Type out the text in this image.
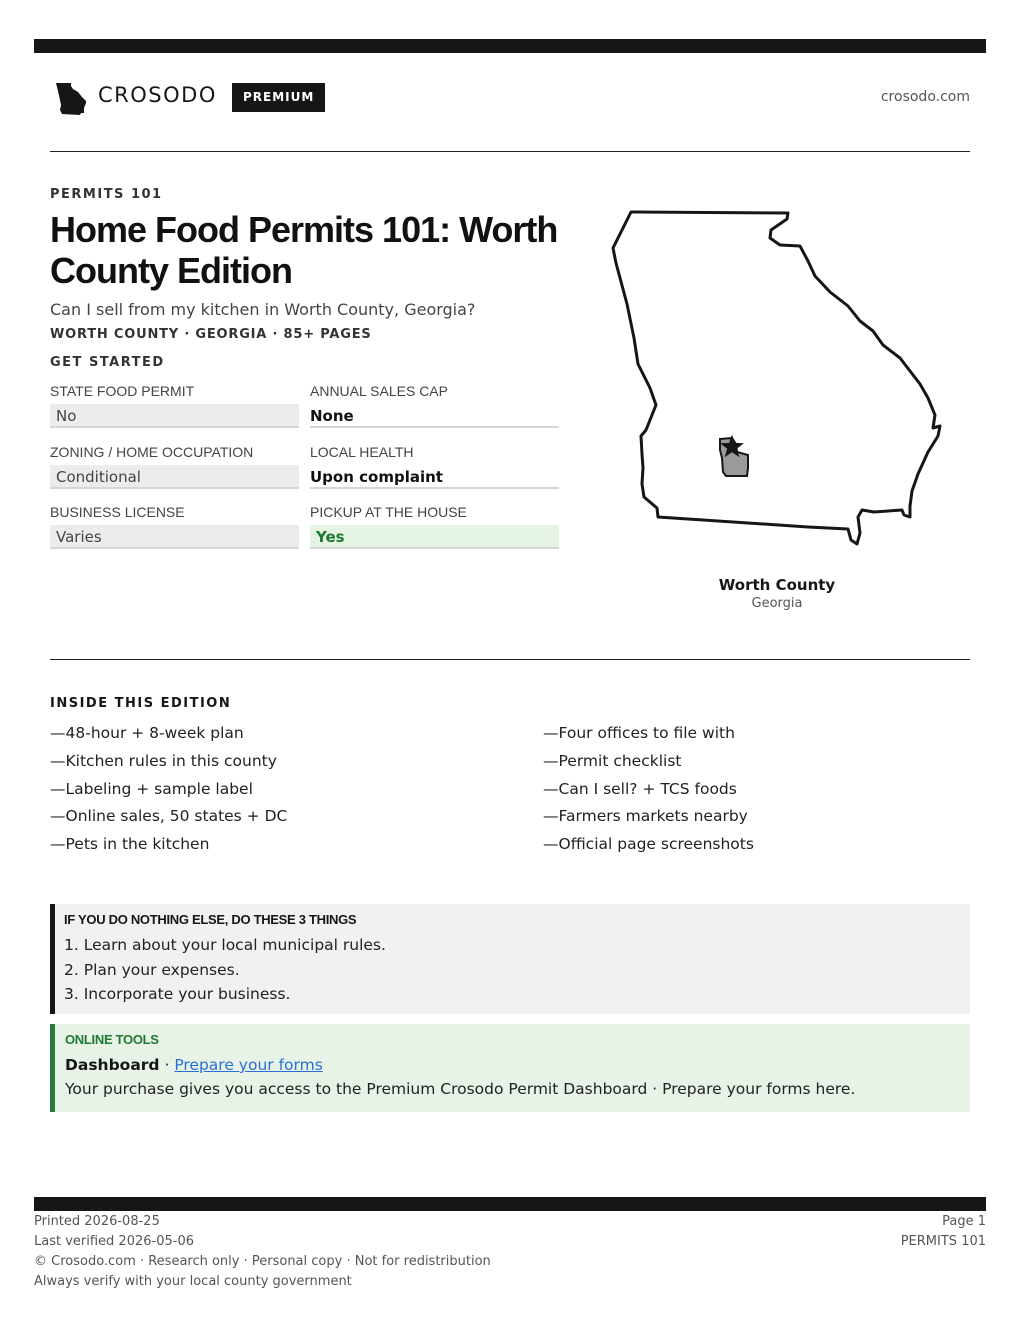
CROSODO	PREMIUM	crosodo.com
PERMITS 101
Home Food Permits 101: Worth County Edition
Can I sell from my kitchen in Worth County, Georgia?
WORTH COUNTY · GEORGIA · 85+ PAGES
GET STARTED
STATE FOOD PERMIT
No
ANNUAL SALES CAP
None
ZONING / HOME OCCUPATION
Conditional
LOCAL HEALTH
Upon complaint
BUSINESS LICENSE
Varies
PICKUP AT THE HOUSE
Yes
Worth County
Georgia
INSIDE THIS EDITION
—48-hour + 8-week plan
—Kitchen rules in this county
—Labeling + sample label
—Online sales, 50 states + DC
—Pets in the kitchen
—Four offices to file with
—Permit checklist
—Can I sell? + TCS foods
—Farmers markets nearby
—Official page screenshots
IF YOU DO NOTHING ELSE, DO THESE 3 THINGS
1. Learn about your local municipal rules.
2. Plan your expenses.
3. Incorporate your business.
ONLINE TOOLS
Dashboard · Prepare your forms
Your purchase gives you access to the Premium Crosodo Permit Dashboard · Prepare your forms here.
Printed 2026-08-25
Last verified 2026-05-06
© Crosodo.com · Research only · Personal copy · Not for redistribution
Always verify with your local county government
Page 1
PERMITS 101
